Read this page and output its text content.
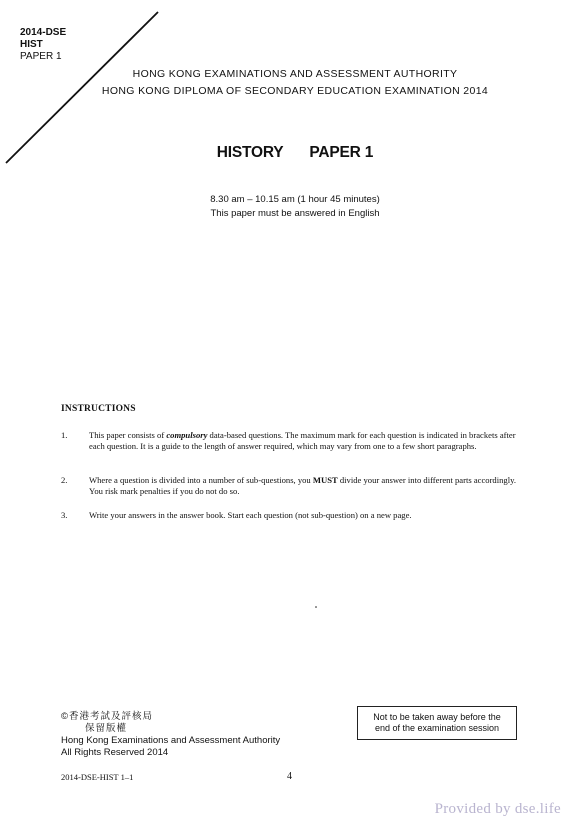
2014-DSE
HIST
PAPER 1
HONG KONG EXAMINATIONS AND ASSESSMENT AUTHORITY
HONG KONG DIPLOMA OF SECONDARY EDUCATION EXAMINATION 2014
HISTORY PAPER 1
8.30 am – 10.15 am (1 hour 45 minutes)
This paper must be answered in English
INSTRUCTIONS
1.	This paper consists of compulsory data-based questions. The maximum mark for each question is indicated in brackets after each question. It is a guide to the length of answer required, which may vary from one to a few short paragraphs.
2.	Where a question is divided into a number of sub-questions, you MUST divide your answer into different parts accordingly. You risk mark penalties if you do not do so.
3.	Write your answers in the answer book. Start each question (not sub-question) on a new page.
©香港考試及評核局
保留版權
Hong Kong Examinations and Assessment Authority
All Rights Reserved 2014
Not to be taken away before the
end of the examination session
2014-DSE-HIST 1–1	4
Provided by dse.life
